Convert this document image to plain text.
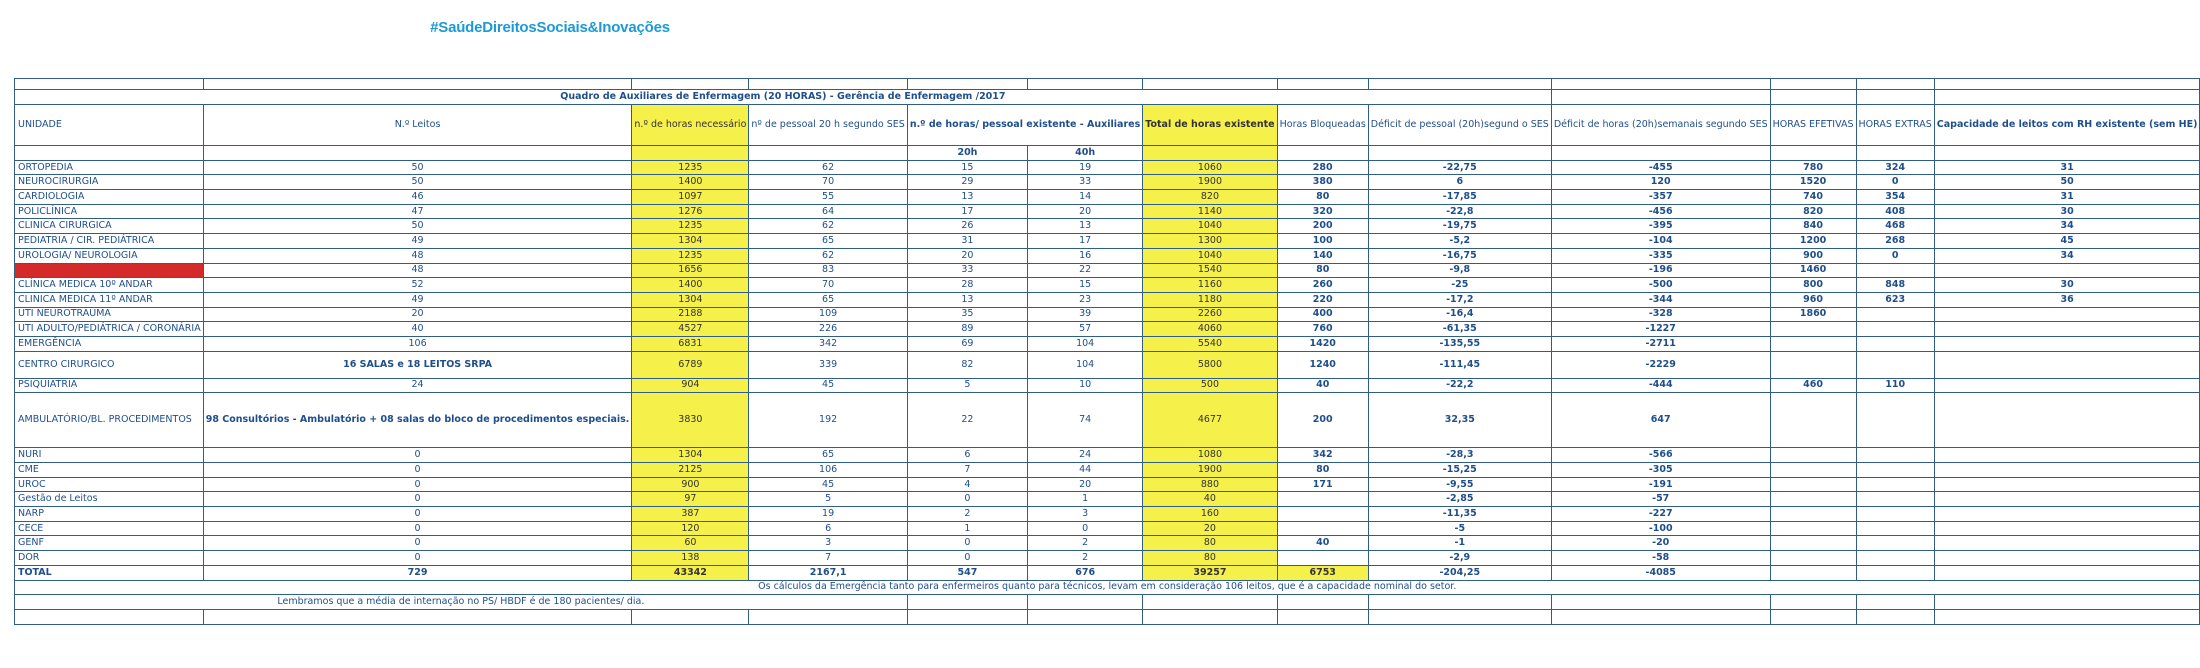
#SaúdeDireitosSociais&Inovações

Quadro de Auxiliares de Enfermagem (20 HORAS) - Gerência de Enfermagem /2017												
UNIDADE	N.º Leitos	n.º de horas necessário	nº de pessoal 20 h segundo SES	n.º de horas/ pessoal existente - Auxiliares		Total de horas existente	Horas Bloqueadas	Déficit de pessoal (20h)segund o SES	Déficit de horas (20h)semanais segundo SES	HORAS EFETIVAS	HORAS EXTRAS	Capacidade de leitos com RH existente (sem HE)
				20h	40h							
ORTOPEDIA	50	1235	62	15	19	1060	280	-22,75	-455	780	324	31
NEUROCIRURGIA	50	1400	70	29	33	1900	380	6	120	1520	0	50
CARDIOLOGIA	46	1097	55	13	14	820	80	-17,85	-357	740	354	31
POLICLÍNICA	47	1276	64	17	20	1140	320	-22,8	-456	820	408	30
CLINICA CIRURGICA	50	1235	62	26	13	1040	200	-19,75	-395	840	468	34
PEDIATRIA / CIR. PEDIÁTRICA	49	1304	65	31	17	1300	100	-5,2	-104	1200	268	45
UROLOGIA/ NEUROLOGIA	48	1235	62	20	16	1040	140	-16,75	-335	900	0	34
	48	1656	83	33	22	1540	80	-9,8	-196	1460		
CLÍNICA MEDICA 10º ANDAR	52	1400	70	28	15	1160	260	-25	-500	800	848	30
CLINICA MEDICA 11º ANDAR	49	1304	65	13	23	1180	220	-17,2	-344	960	623	36
UTI NEUROTRAUMA	20	2188	109	35	39	2260	400	-16,4	-328	1860		
UTI ADULTO/PEDIÁTRICA / CORONÁRIA	40	4527	226	89	57	4060	760	-61,35	-1227			
EMERGÊNCIA	106	6831	342	69	104	5540	1420	-135,55	-2711			
CENTRO CIRURGICO	16 SALAS e 18 LEITOS SRPA	6789	339	82	104	5800	1240	-111,45	-2229			
PSIQUIATRIA	24	904	45	5	10	500	40	-22,2	-444	460	110	
AMBULATÓRIO/BL. PROCEDIMENTOS	98 Consultórios - Ambulatório + 08 salas do bloco de procedimentos especiais.	3830	192	22	74	4677	200	32,35	647			
NURI	0	1304	65	6	24	1080	342	-28,3	-566			
CME	0	2125	106	7	44	1900	80	-15,25	-305			
UROC	0	900	45	4	20	880	171	-9,55	-191			
Gestão de Leitos	0	97	5	0	1	40		-2,85	-57			
NARP	0	387	19	2	3	160		-11,35	-227			
CECE	0	120	6	1	0	20		-5	-100			
GENF	0	60	3	0	2	80	40	-1	-20			
DOR	0	138	7	0	2	80		-2,9	-58			
TOTAL	729	43342	2167,1	547	676	39257	6753	-204,25	-4085			
Os cálculos da Emergência tanto para enfermeiros quanto para técnicos, levam em consideração 106 leitos, que é a capacidade nominal do setor.												
Lembramos que a média de internação no PS/ HBDF é de 180 pacientes/ dia.												
